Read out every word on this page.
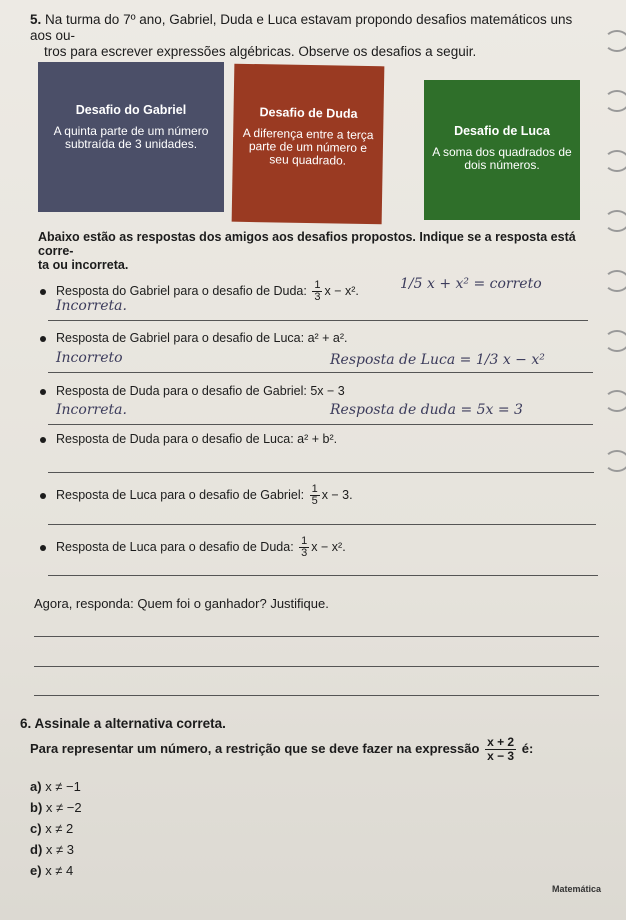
5. Na turma do 7º ano, Gabriel, Duda e Luca estavam propondo desafios matemáticos uns aos ou-
tros para escrever expressões algébricas. Observe os desafios a seguir.
Desafio do Gabriel
A quinta parte de um número subtraída de 3 unidades.
Desafio de Duda
A diferença entre a terça parte de um número e seu quadrado.
Desafio de Luca
A soma dos quadrados de dois números.
Abaixo estão as respostas dos amigos aos desafios propostos. Indique se a resposta está corre-
ta ou incorreta.
Resposta do Gabriel para o desafio de Duda: $\frac{1}{3}$ x − x².	1/5 x + x² = correto
Incorreta.
Resposta de Gabriel para o desafio de Luca: a² + a².
Incorreto	Resposta de Luca = 1/3 x − x²
Resposta de Duda para o desafio de Gabriel: 5x − 3
Incorreta.	Resposta de duda = 5x = 3
Resposta de Duda para o desafio de Luca: a² + b².
Resposta de Luca para o desafio de Gabriel: $\frac{1}{5}$ x − 3.
Resposta de Luca para o desafio de Duda: $\frac{1}{3}$ x − x².
Agora, responda: Quem foi o ganhador? Justifique.
6. Assinale a alternativa correta.
Para representar um número, a restrição que se deve fazer na expressão $\frac{x + 2}{x - 3}$ é:
a) x ≠ −1
b) x ≠ −2
c) x ≠ 2
d) x ≠ 3
e) x ≠ 4
Matemática
